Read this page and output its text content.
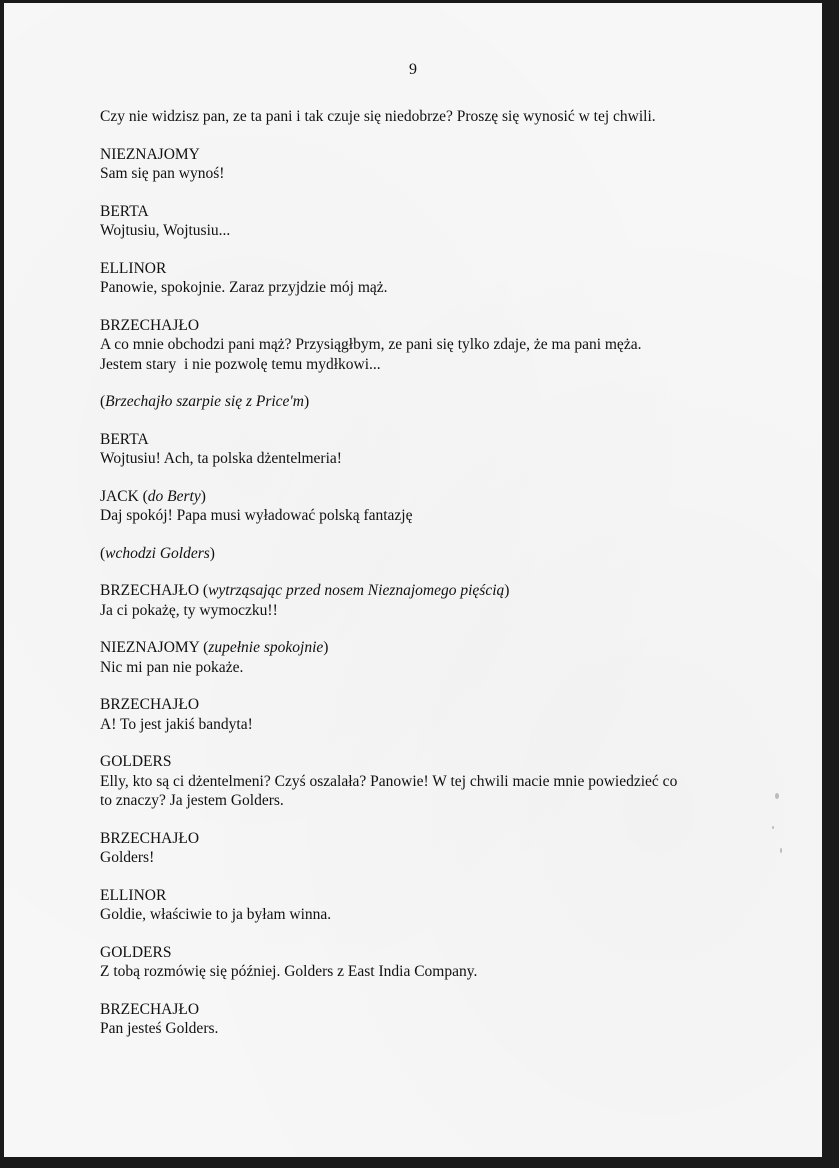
9
Czy nie widzisz pan, ze ta pani i tak czuje się niedobrze? Proszę się wynosić w tej chwili.
NIEZNAJOMY
Sam się pan wynoś!
BERTA
Wojtusiu, Wojtusiu...
ELLINOR
Panowie, spokojnie. Zaraz przyjdzie mój mąż.
BRZECHAJŁO
A co mnie obchodzi pani mąż? Przysiągłbym, ze pani się tylko zdaje, że ma pani męża.
Jestem stary  i nie pozwolę temu mydłkowi...
(Brzechajło szarpie się z Price'm)
BERTA
Wojtusiu! Ach, ta polska dżentelmeria!
JACK (do Berty)
Daj spokój! Papa musi wyładować polską fantazję
(wchodzi Golders)
BRZECHAJŁO (wytrząsając przed nosem Nieznajomego pięścią)
Ja ci pokażę, ty wymoczku!!
NIEZNAJOMY (zupełnie spokojnie)
Nic mi pan nie pokaże.
BRZECHAJŁO
A! To jest jakiś bandyta!
GOLDERS
Elly, kto są ci dżentelmeni? Czyś oszalała? Panowie! W tej chwili macie mnie powiedzieć co
to znaczy? Ja jestem Golders.
BRZECHAJŁO
Golders!
ELLINOR
Goldie, właściwie to ja byłam winna.
GOLDERS
Z tobą rozmówię się później. Golders z East India Company.
BRZECHAJŁO
Pan jesteś Golders.
